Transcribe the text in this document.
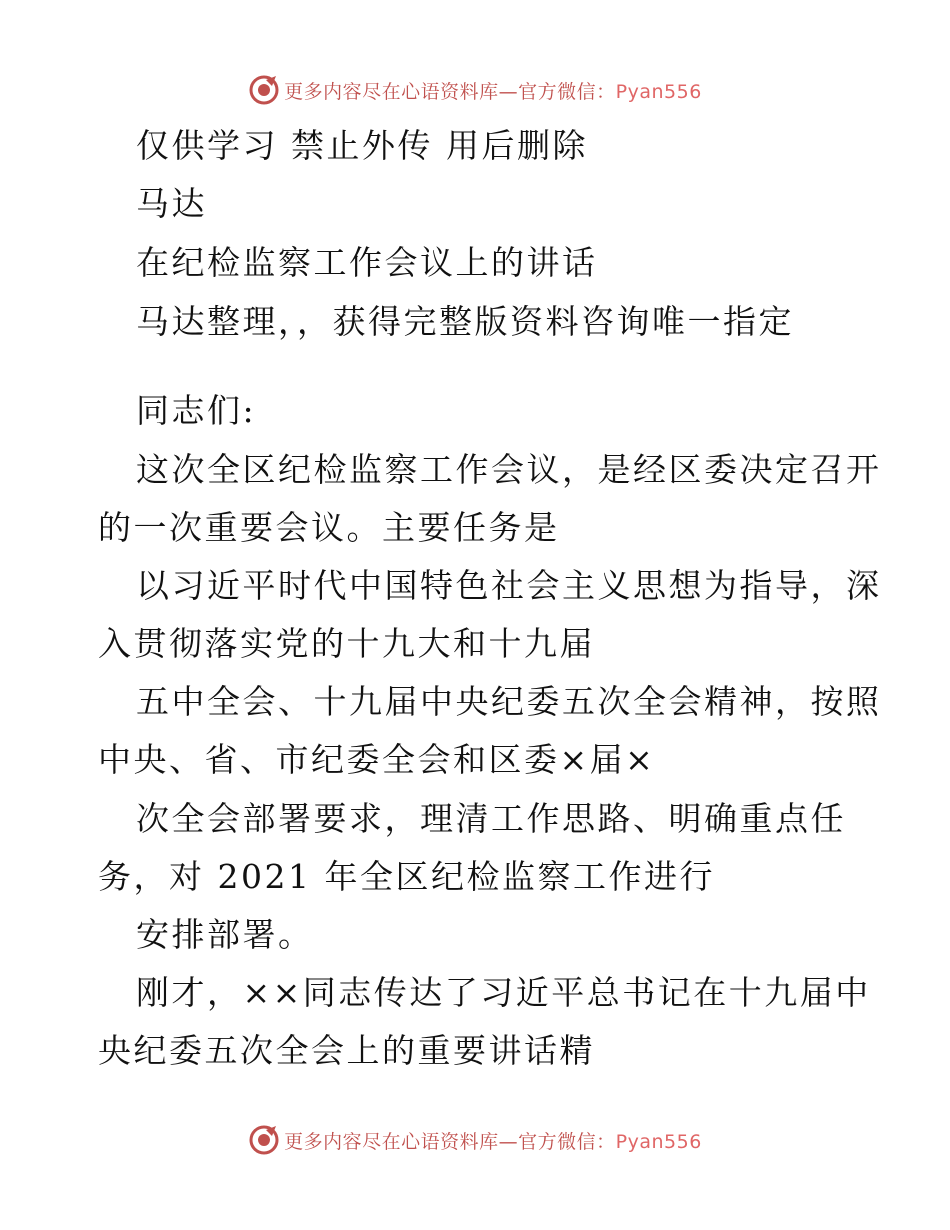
更多内容尽在心语资料库—官方微信：Pyan556
仅供学习 禁止外传 用后删除
马达
在纪检监察工作会议上的讲话
马达整理，，获得完整版资料咨询唯一指定
同志们:
这次全区纪检监察工作会议，是经区委决定召开
的一次重要会议。主要任务是
以习近平时代中国特色社会主义思想为指导，深
入贯彻落实党的十九大和十九届
五中全会、十九届中央纪委五次全会精神，按照
中央、省、市纪委全会和区委×届×
次全会部署要求，理清工作思路、明确重点任
务，对 2021 年全区纪检监察工作进行
安排部署。
刚才，××同志传达了习近平总书记在十九届中
央纪委五次全会上的重要讲话精
更多内容尽在心语资料库—官方微信：Pyan556
